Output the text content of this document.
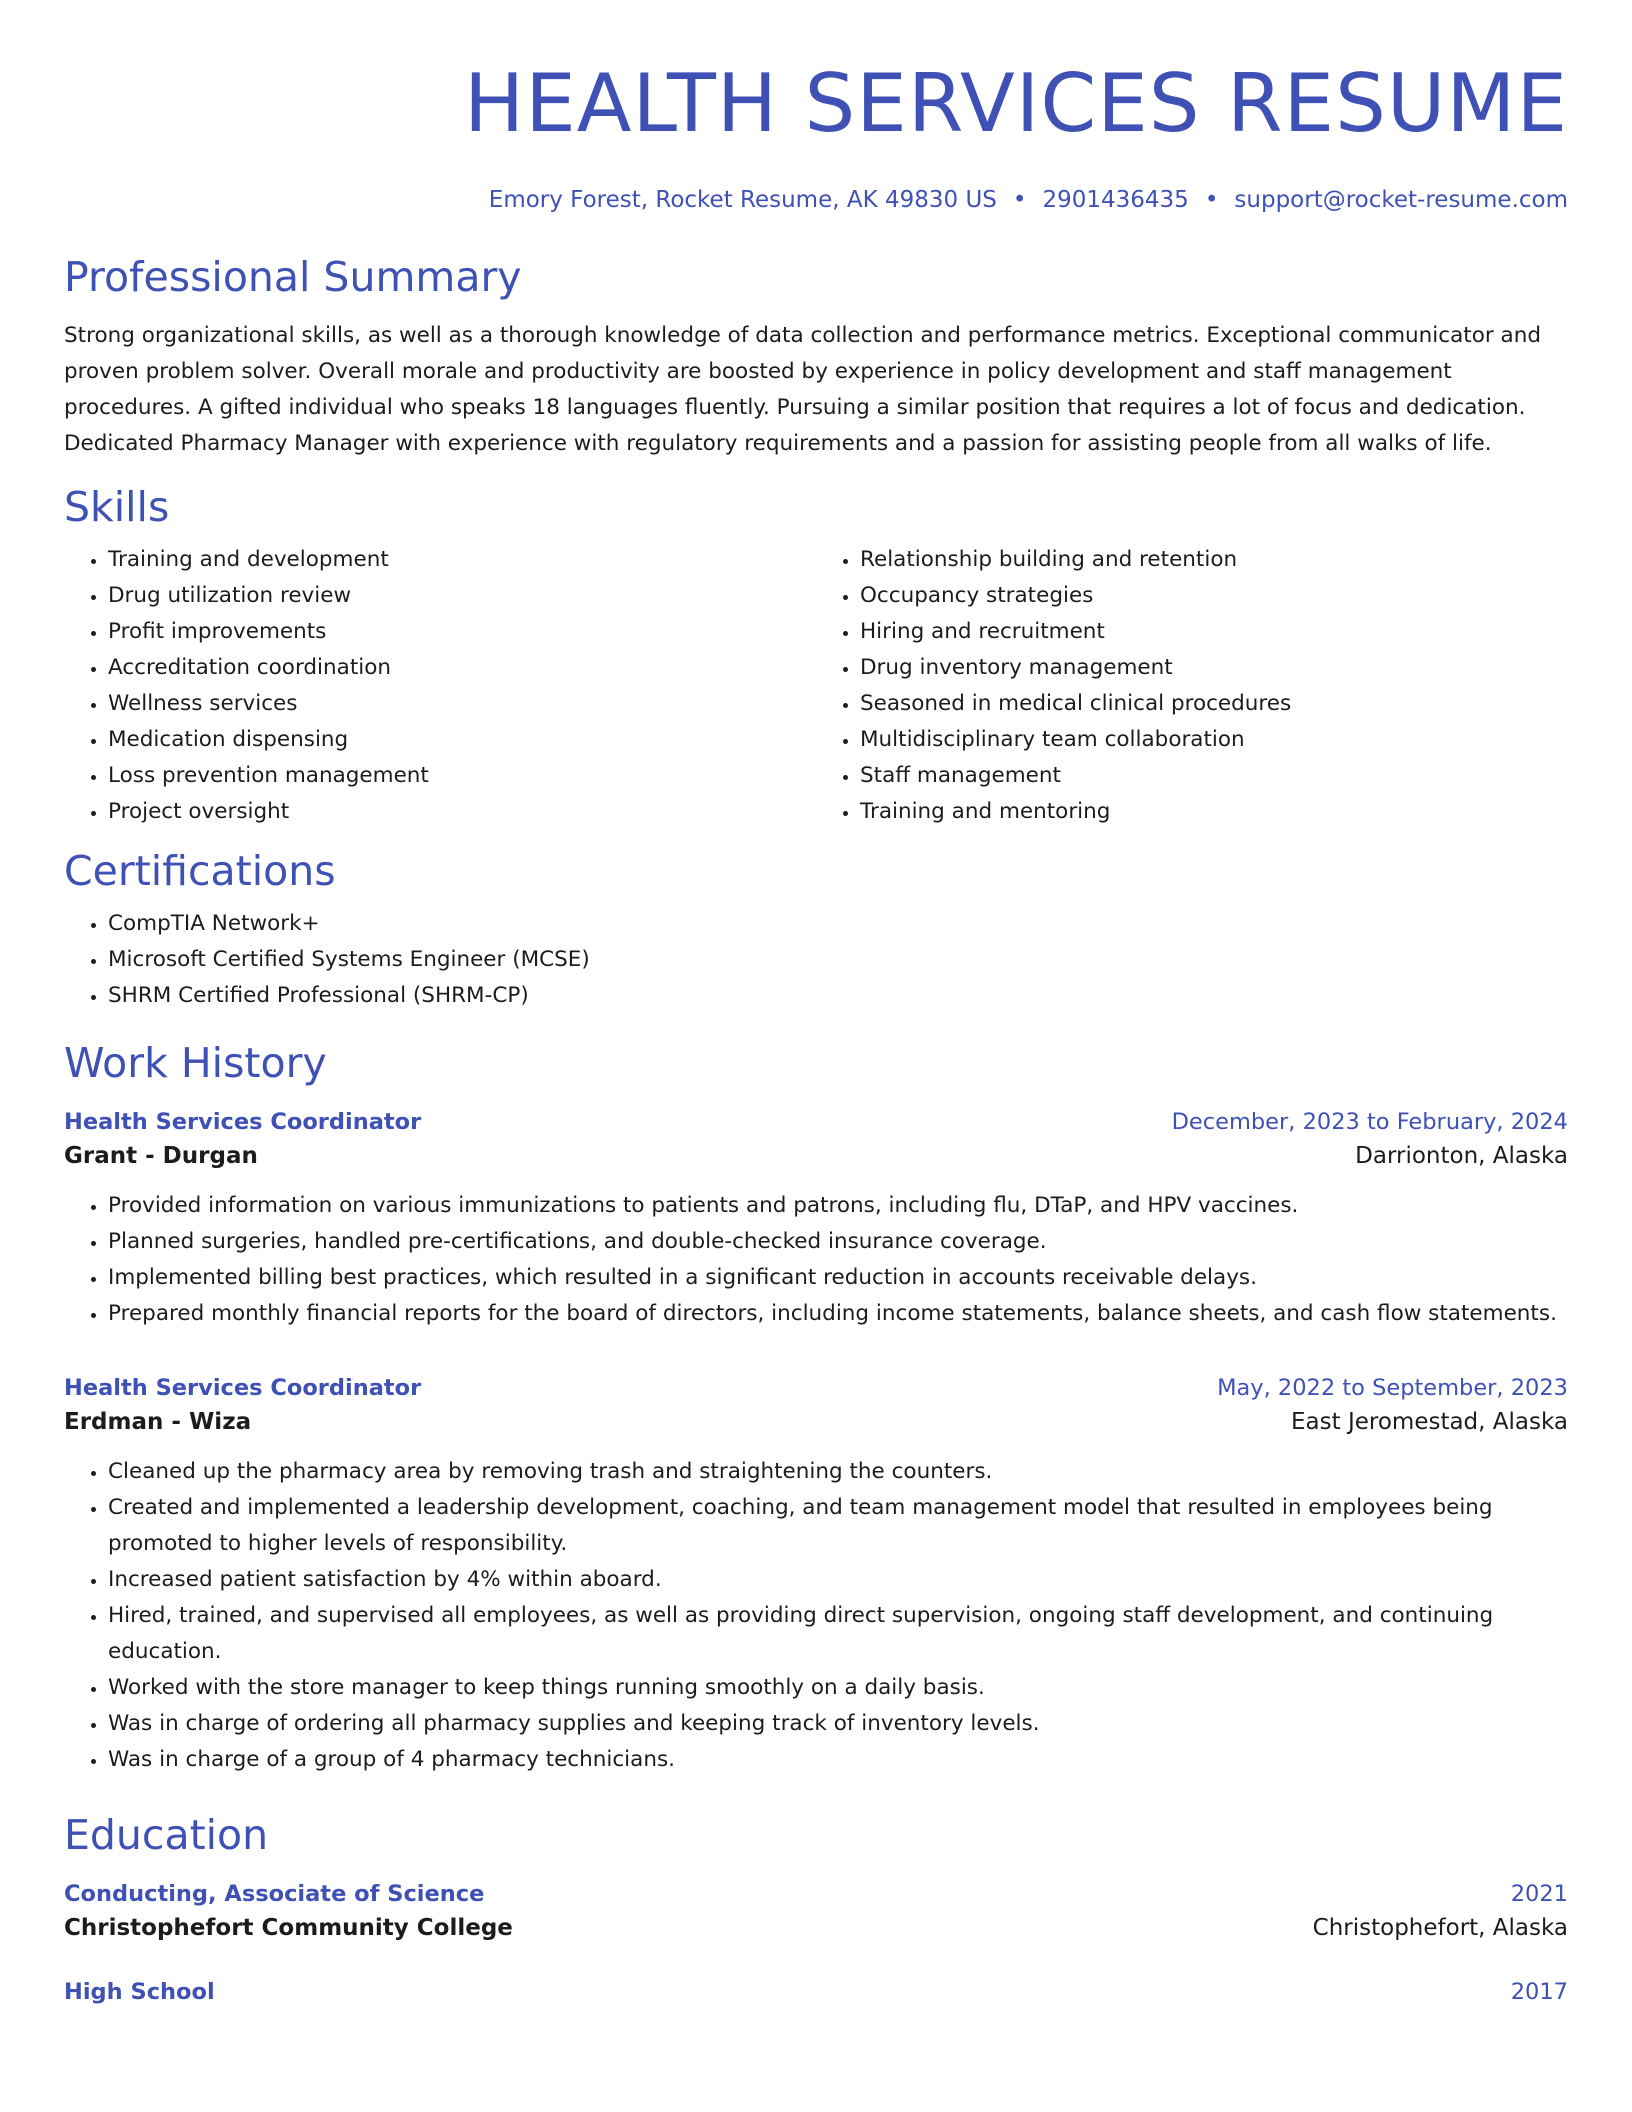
HEALTH SERVICES RESUME
Emory Forest, Rocket Resume, AK 49830 US • 2901436435 • support@rocket-resume.com
Professional Summary

Strong organizational skills, as well as a thorough knowledge of data collection and performance metrics. Exceptional communicator and proven problem solver. Overall morale and productivity are boosted by experience in policy development and staff management procedures. A gifted individual who speaks 18 languages fluently. Pursuing a similar position that requires a lot of focus and dedication. Dedicated Pharmacy Manager with experience with regulatory requirements and a passion for assisting people from all walks of life.

Skills
• Training and development
• Drug utilization review
• Profit improvements
• Accreditation coordination
• Wellness services
• Medication dispensing
• Loss prevention management
• Project oversight
• Relationship building and retention
• Occupancy strategies
• Hiring and recruitment
• Drug inventory management
• Seasoned in medical clinical procedures
• Multidisciplinary team collaboration
• Staff management
• Training and mentoring
Certifications
• CompTIA Network+
• Microsoft Certified Systems Engineer (MCSE)
• SHRM Certified Professional (SHRM-CP)
Work History
Health Services Coordinator	December, 2023 to February, 2024
Grant - Durgan	Darrionton, Alaska
• Provided information on various immunizations to patients and patrons, including flu, DTaP, and HPV vaccines.
• Planned surgeries, handled pre-certifications, and double-checked insurance coverage.
• Implemented billing best practices, which resulted in a significant reduction in accounts receivable delays.
• Prepared monthly financial reports for the board of directors, including income statements, balance sheets, and cash flow statements.
Health Services Coordinator	May, 2022 to September, 2023
Erdman - Wiza	East Jeromestad, Alaska
• Cleaned up the pharmacy area by removing trash and straightening the counters.
• Created and implemented a leadership development, coaching, and team management model that resulted in employees being promoted to higher levels of responsibility.
• Increased patient satisfaction by 4% within aboard.
• Hired, trained, and supervised all employees, as well as providing direct supervision, ongoing staff development, and continuing education.
• Worked with the store manager to keep things running smoothly on a daily basis.
• Was in charge of ordering all pharmacy supplies and keeping track of inventory levels.
• Was in charge of a group of 4 pharmacy technicians.
Education
Conducting, Associate of Science	2021
Christophefort Community College	Christophefort, Alaska
High School	2017
